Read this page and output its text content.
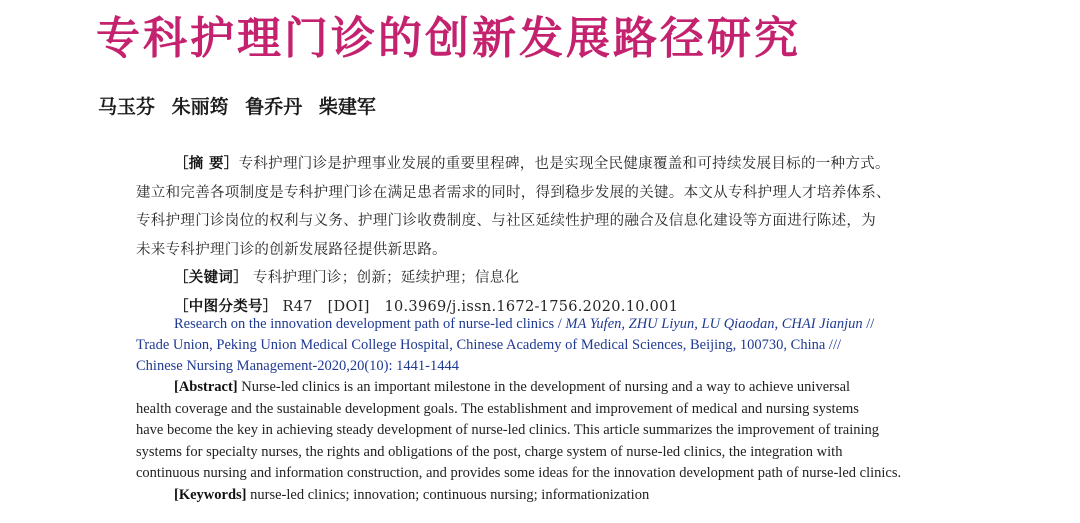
专科护理门诊的创新发展路径研究
马玉芬 朱丽筠 鲁乔丹 柴建军

［摘 要］专科护理门诊是护理事业发展的重要里程碑，也是实现全民健康覆盖和可持续发展目标的一种方式。

建立和完善各项制度是专科护理门诊在满足患者需求的同时，得到稳步发展的关键。本文从专科护理人才培养体系、

专科护理门诊岗位的权利与义务、护理门诊收费制度、与社区延续性护理的融合及信息化建设等方面进行陈述，为

未来专科护理门诊的创新发展路径提供新思路。

［关键词］ 专科护理门诊；创新；延续护理；信息化

［中图分类号］ R47　[DOI]　10.3969/j.issn.1672-1756.2020.10.001

Research on the innovation development path of nurse-led clinics / MA Yufen, ZHU Liyun, LU Qiaodan, CHAI Jianjun //

Trade Union, Peking Union Medical College Hospital, Chinese Academy of Medical Sciences, Beijing, 100730, China ///

Chinese Nursing Management-2020,20(10): 1441-1444

[Abstract] Nurse-led clinics is an important milestone in the development of nursing and a way to achieve universal

health coverage and the sustainable development goals. The establishment and improvement of medical and nursing systems

have become the key in achieving steady development of nurse-led clinics. This article summarizes the improvement of training

systems for specialty nurses, the rights and obligations of the post, charge system of nurse-led clinics, the integration with

continuous nursing and information construction, and provides some ideas for the innovation development path of nurse-led clinics.

[Keywords] nurse-led clinics; innovation; continuous nursing; informationization
